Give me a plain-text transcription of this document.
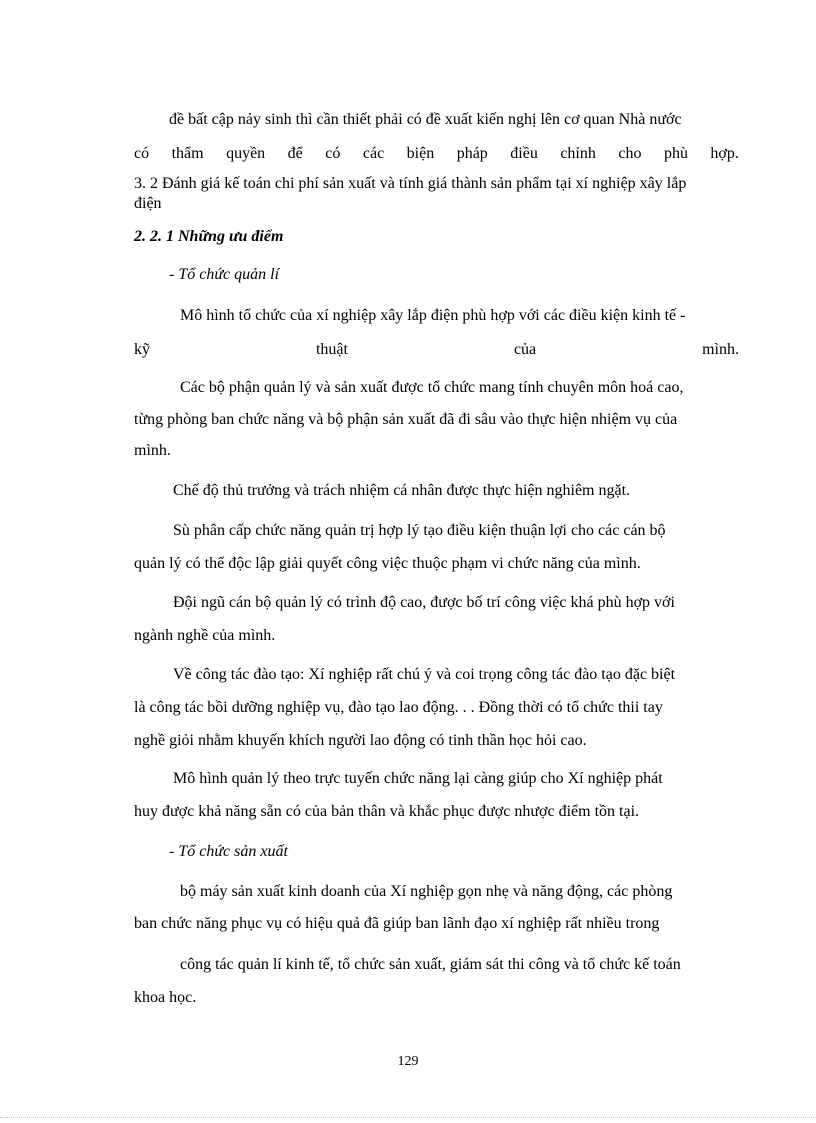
đề bất cập nảy sinh thì cần thiết phải có đề xuất kiến nghị lên cơ quan Nhà nước
có thẩm quyền để có các biện pháp điều chỉnh cho phù hợp.
3. 2 Đánh giá kế toán chi phí sản xuất và tính giá thành sản phẩm tại xí nghiệp xây lắp
điện
2. 2. 1 Những ưu điểm
- Tổ chức quản lí
Mô hình tổ chức của xí nghiệp xây lắp điện phù hợp với các điều kiện kinh tế -
kỹ	thuật	của	mình.
Các bộ phận quản lý và sản xuất được tổ chức mang tính chuyên môn hoá cao,
từng phòng ban chức năng và bộ phận sản xuất đã đi sâu vào thực hiện nhiệm vụ của
mình.
Chế độ thủ trưởng và trách nhiệm cá nhân được thực hiện nghiêm ngặt.
Sù phân cấp chức năng quản trị hợp lý tạo điều kiện thuận lợi cho các cán bộ
quản lý có thể độc lập giải quyết công việc thuộc phạm vi chức năng của mình.
Đội ngũ cán bộ quản lý có trình độ cao, được bố trí công việc khá phù hợp với
ngành nghề của mình.
Về công tác đào tạo: Xí nghiệp rất chú ý và coi trọng công tác đào tạo đặc biệt
là công tác bồi dưỡng nghiệp vụ, đào tạo lao động. . . Đồng thời có tổ chức thii tay
nghề giỏi nhằm khuyến khích người lao động có tinh thần học hỏi cao.
Mô hình quản lý theo trực tuyến chức năng lại càng giúp cho Xí nghiệp phát
huy được khả năng sẵn có của bản thân và khắc phục được nhược điểm tồn tại.
- Tổ chức sản xuất
bộ máy sản xuất kinh doanh của Xí nghiệp gọn nhẹ và năng động, các phòng
ban chức năng phục vụ có hiệu quả đã giúp ban lãnh đạo xí nghiệp rất nhiều trong
công tác quản lí kinh tế, tổ chức sản xuất, giám sát thi công và tổ chức kế toán
khoa học.
129
